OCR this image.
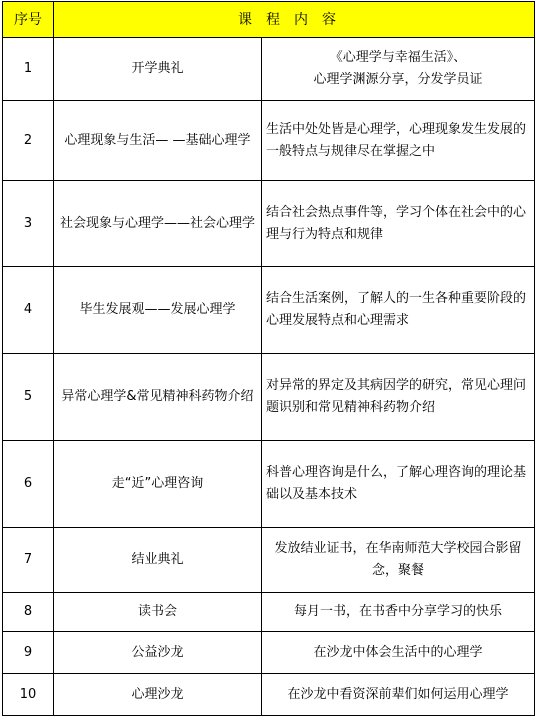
序号	课程内容	
1	开学典礼	《心理学与幸福生活》、
心理学渊源分享，分发学员证

2	心理现象与生活— —基础心理学	生活中处处皆是心理学，心理现象发生发展的
一般特点与规律尽在掌握之中

3	社会现象与心理学——社会心理学	结合社会热点事件等，学习个体在社会中的心
理与行为特点和规律

4	毕生发展观——发展心理学	结合生活案例，了解人的一生各种重要阶段的
心理发展特点和心理需求

5	异常心理学&常见精神科药物介绍	对异常的界定及其病因学的研究，常见心理问
题识别和常见精神科药物介绍

6	走“近”心理咨询	科普心理咨询是什么，了解心理咨询的理论基
础以及基本技术

7	结业典礼	发放结业证书，在华南师范大学校园合影留
念，聚餐

8	读书会	每月一书，在书香中分享学习的快乐

9	公益沙龙	在沙龙中体会生活中的心理学

10	心理沙龙	在沙龙中看资深前辈们如何运用心理学
